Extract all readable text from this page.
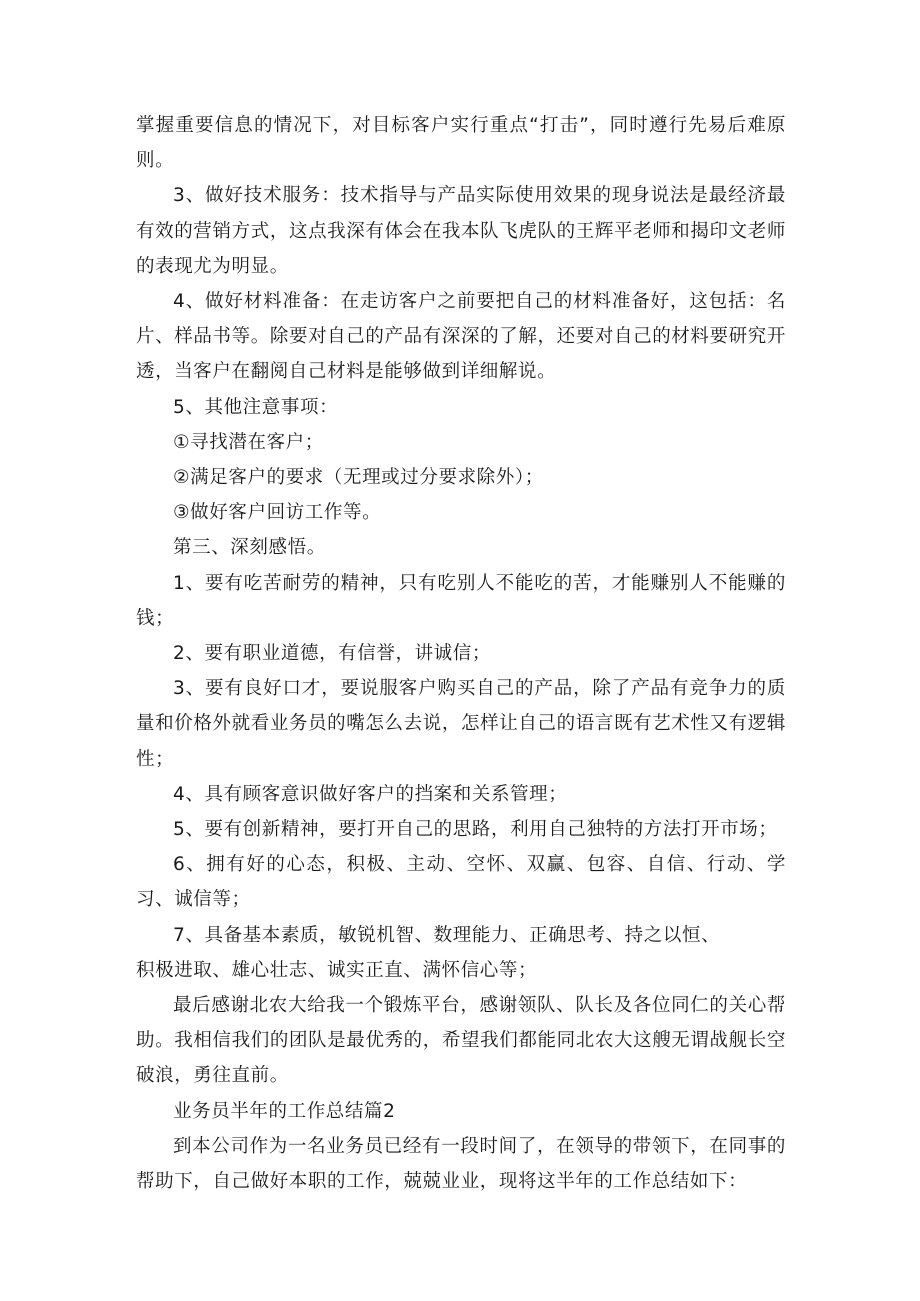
掌握重要信息的情况下，对目标客户实行重点“打击”，同时遵行先易后难原则。

3、做好技术服务：技术指导与产品实际使用效果的现身说法是最经济最有效的营销方式，这点我深有体会在我本队飞虎队的王辉平老师和揭印文老师的表现尤为明显。

4、做好材料准备：在走访客户之前要把自己的材料准备好，这包括：名片、样品书等。除要对自己的产品有深深的了解，还要对自己的材料要研究开透，当客户在翻阅自己材料是能够做到详细解说。

5、其他注意事项：

①寻找潜在客户；

②满足客户的要求（无理或过分要求除外）；

③做好客户回访工作等。

第三、深刻感悟。

1、要有吃苦耐劳的精神，只有吃别人不能吃的苦，才能赚别人不能赚的钱；

2、要有职业道德，有信誉，讲诚信；

3、要有良好口才，要说服客户购买自己的产品，除了产品有竞争力的质量和价格外就看业务员的嘴怎么去说，怎样让自己的语言既有艺术性又有逻辑性；

4、具有顾客意识做好客户的挡案和关系管理；

5、要有创新精神，要打开自己的思路，利用自己独特的方法打开市场；

6、拥有好的心态，积极、主动、空怀、双赢、包容、自信、行动、学习、诚信等；

7、具备基本素质，敏锐机智、数理能力、正确思考、持之以恒、

积极进取、雄心壮志、诚实正直、满怀信心等；

最后感谢北农大给我一个锻炼平台，感谢领队、队长及各位同仁的关心帮助。我相信我们的团队是最优秀的，希望我们都能同北农大这艘无谓战舰长空破浪，勇往直前。

业务员半年的工作总结篇2

到本公司作为一名业务员已经有一段时间了，在领导的带领下，在同事的帮助下，自己做好本职的工作，兢兢业业，现将这半年的工作总结如下：
